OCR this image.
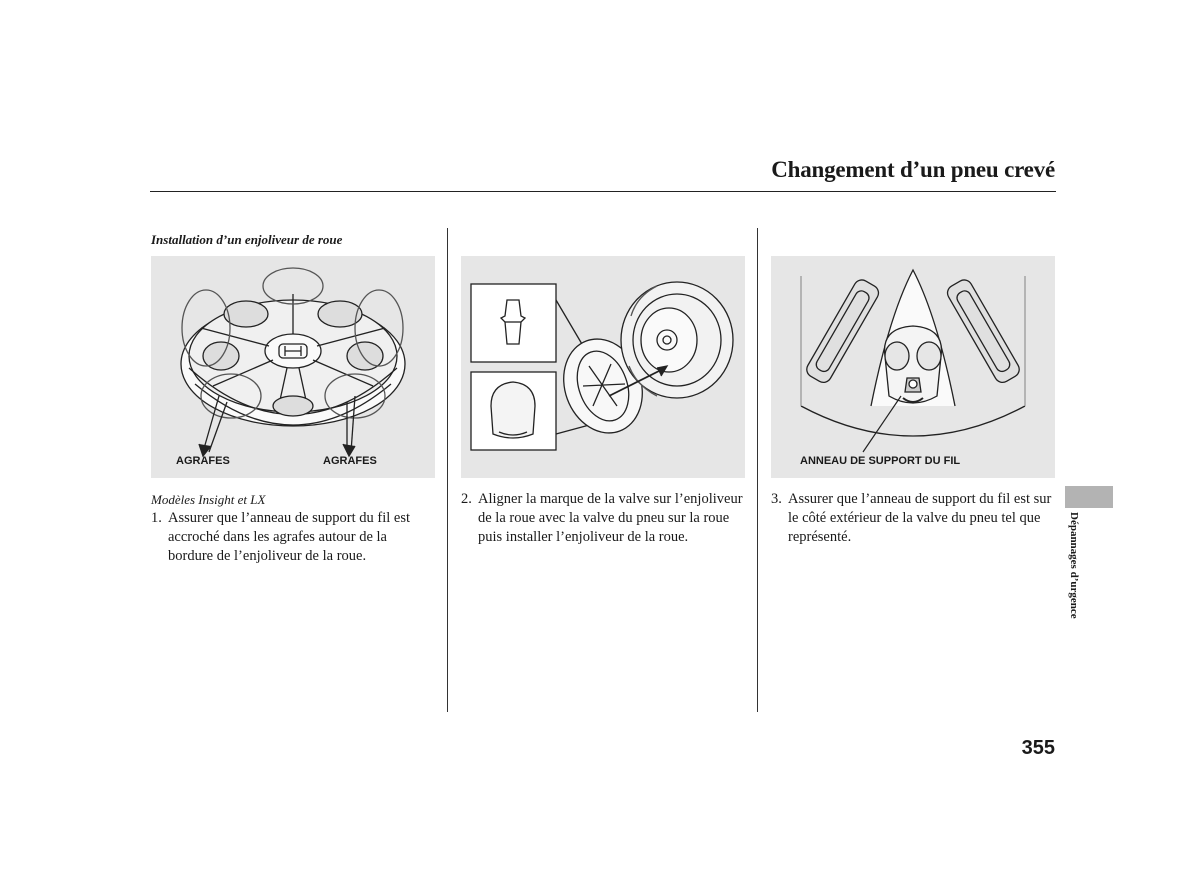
Changement d’un pneu crevé
Installation d’un enjoliveur de roue
AGRAFES	AGRAFES	ANNEAU DE SUPPORT DU FIL
Modèles Insight et LX
1. Assurer que l’anneau de support du fil est accroché dans les agrafes autour de la bordure de l’enjoliveur de la roue.
2. Aligner la marque de la valve sur l’enjoliveur de la roue avec la valve du pneu sur la roue puis installer l’enjoliveur de la roue.
3. Assurer que l’anneau de support du fil est sur le côté extérieur de la valve du pneu tel que représenté.	Dépannages d’urgence
355
